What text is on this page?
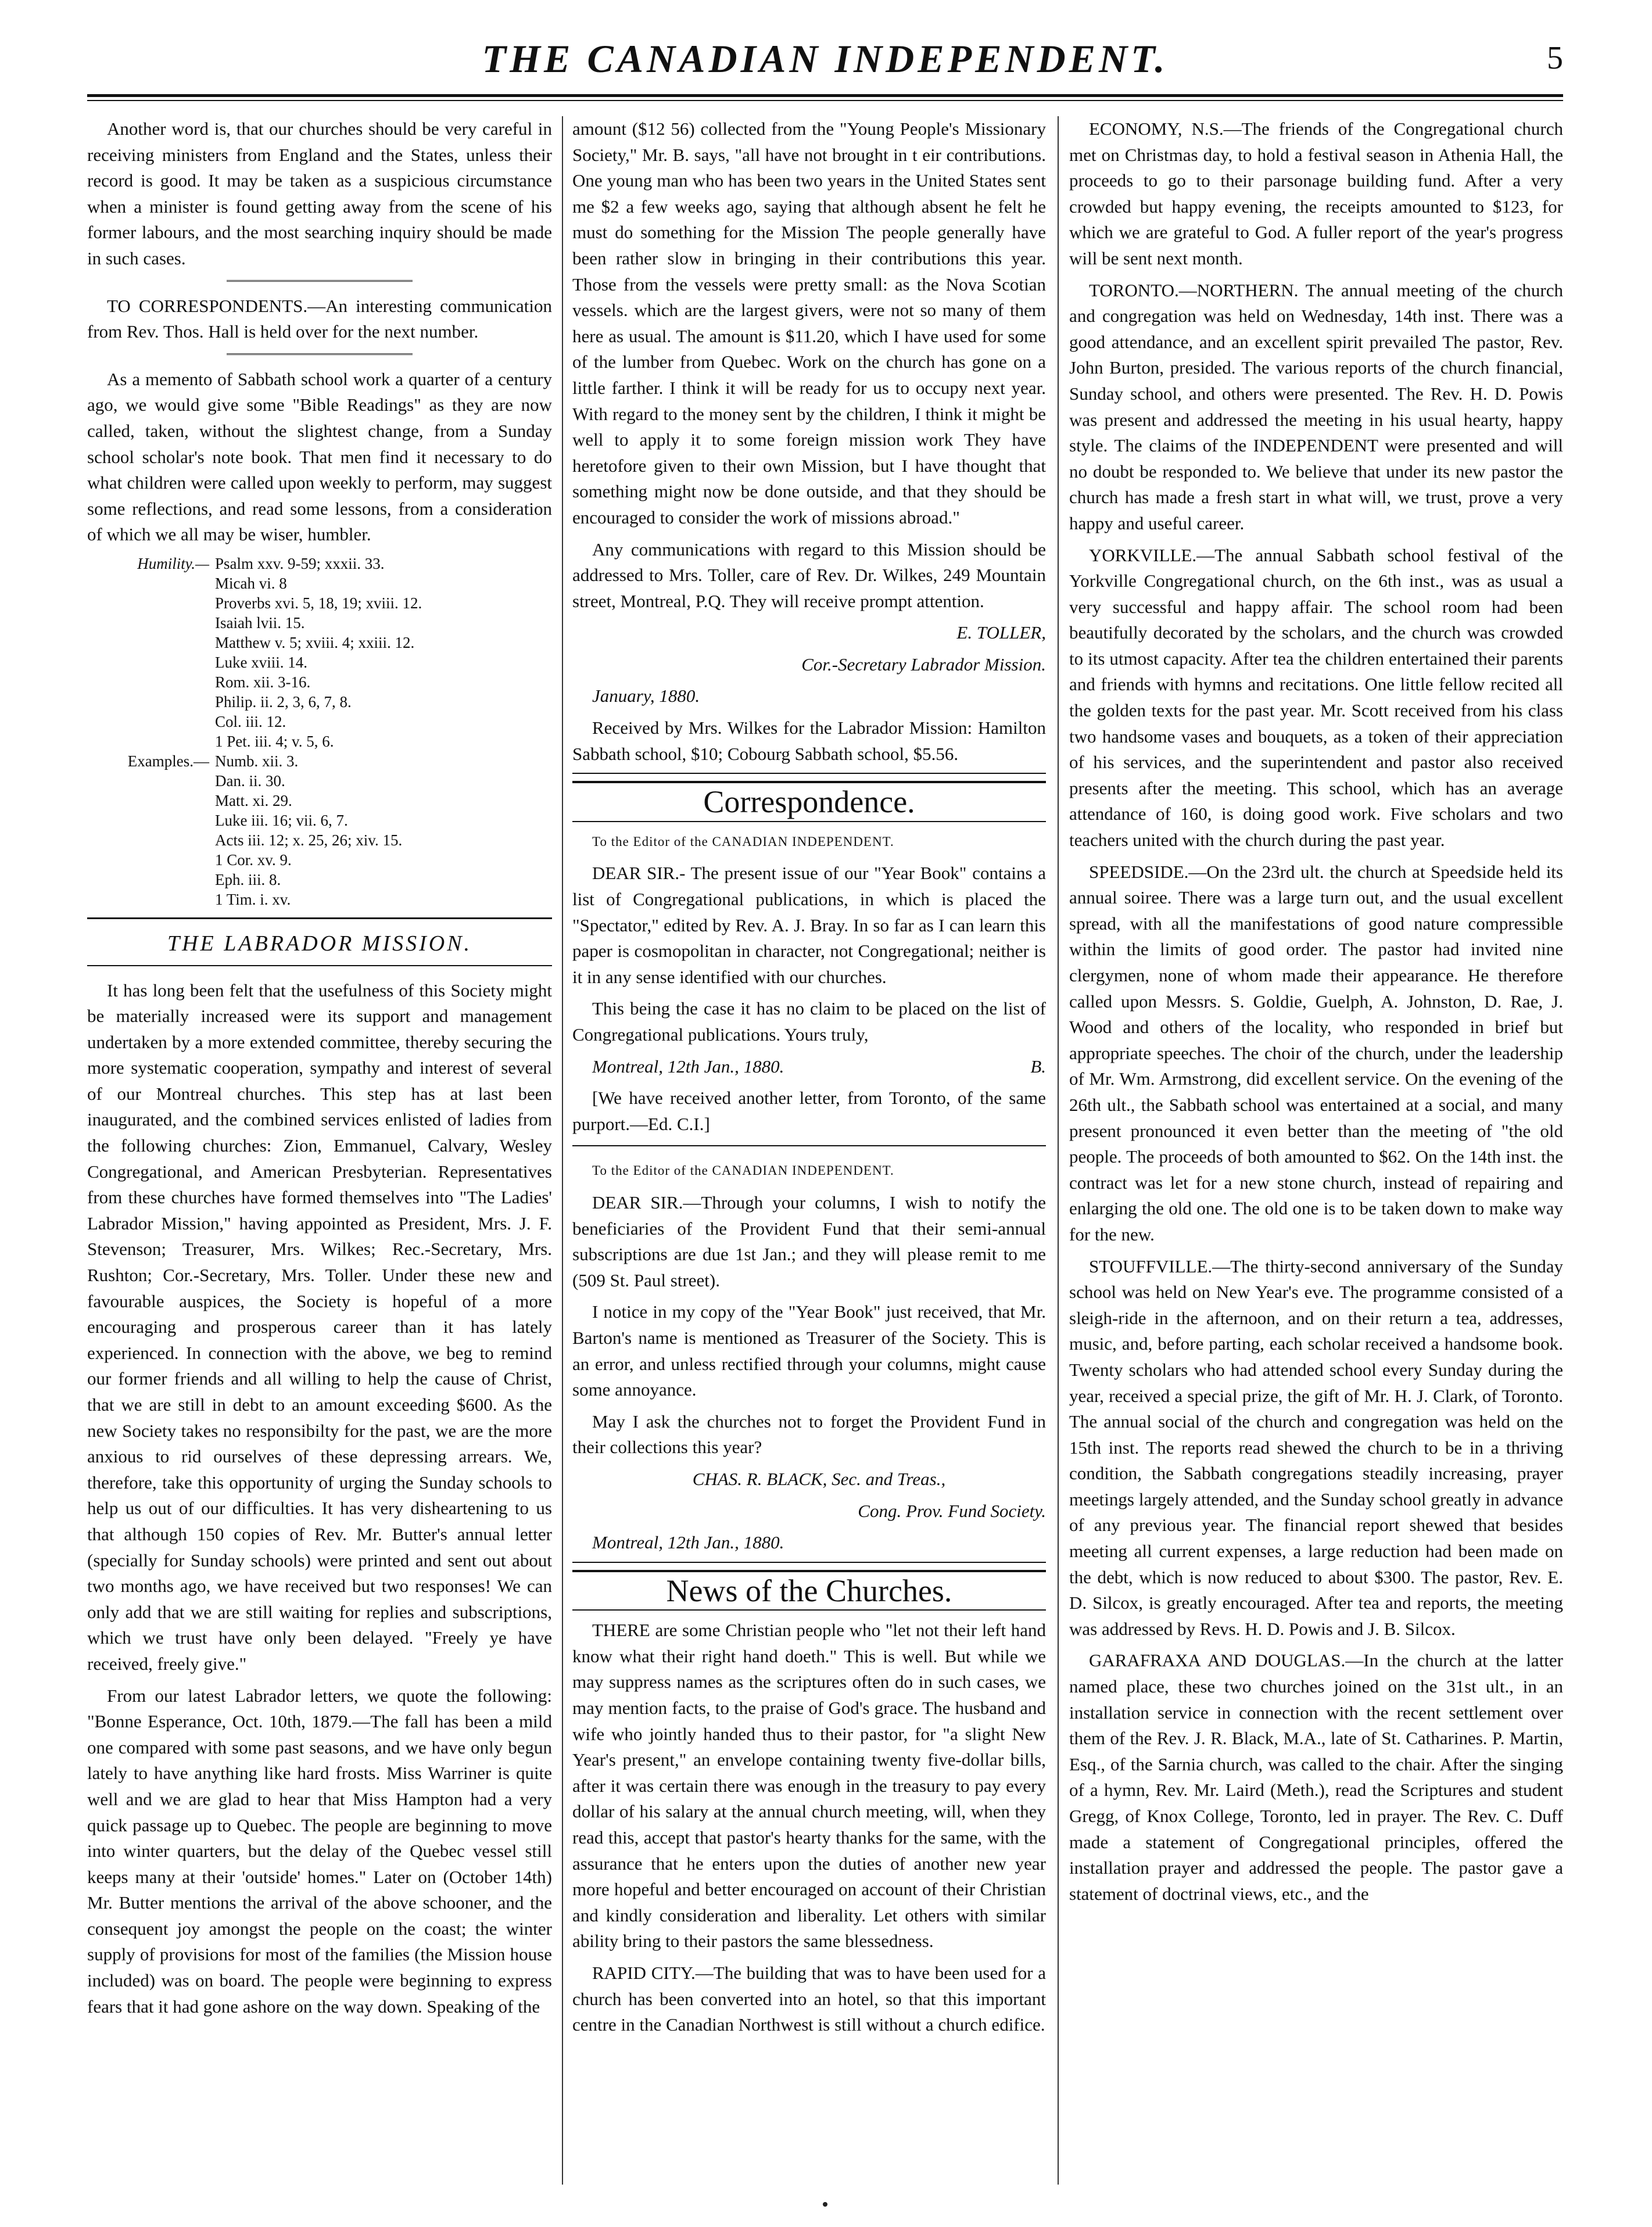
THE CANADIAN INDEPENDENT.	5

Another word is, that our churches should be very careful in receiving ministers from England and the States, unless their record is good. It may be taken as a suspicious circumstance when a minister is found getting away from the scene of his former labours, and the most searching inquiry should be made in such cases.

TO CORRESPONDENTS.—An interesting communication from Rev. Thos. Hall is held over for the next number.

As a memento of Sabbath school work a quarter of a century ago, we would give some "Bible Readings" as they are now called, taken, without the slightest change, from a Sunday school scholar's note book. That men find it necessary to do what children were called upon weekly to perform, may suggest some reflections, and read some lessons, from a consideration of which we all may be wiser, humbler.

Humility.— Psalm xxv. 9-59; xxxii. 33.
Micah vi. 8
Proverbs xvi. 5, 18, 19; xviii. 12.
Isaiah lvii. 15.
Matthew v. 5; xviii. 4; xxiii. 12.
Luke xviii. 14.
Rom. xii. 3-16.
Philip. ii. 2, 3, 6, 7, 8.
Col. iii. 12.
1 Pet. iii. 4; v. 5, 6.
Examples.— Numb. xii. 3.
Dan. ii. 30.
Matt. xi. 29.
Luke iii. 16; vii. 6, 7.
Acts iii. 12; x. 25, 26; xiv. 15.
1 Cor. xv. 9.
Eph. iii. 8.
1 Tim. i. xv.
THE LABRADOR MISSION.

It has long been felt that the usefulness of this Society might be materially increased were its support and management undertaken by a more extended committee, thereby securing the more systematic cooperation, sympathy and interest of several of our Montreal churches. This step has at last been inaugurated, and the combined services enlisted of ladies from the following churches: Zion, Emmanuel, Calvary, Wesley Congregational, and American Presbyterian. Representatives from these churches have formed themselves into "The Ladies' Labrador Mission," having appointed as President, Mrs. J. F. Stevenson; Treasurer, Mrs. Wilkes; Rec.-Secretary, Mrs. Rushton; Cor.-Secretary, Mrs. Toller. Under these new and favourable auspices, the Society is hopeful of a more encouraging and prosperous career than it has lately experienced. In connection with the above, we beg to remind our former friends and all willing to help the cause of Christ, that we are still in debt to an amount exceeding $600. As the new Society takes no responsibilty for the past, we are the more anxious to rid ourselves of these depressing arrears. We, therefore, take this opportunity of urging the Sunday schools to help us out of our difficulties. It has very disheartening to us that although 150 copies of Rev. Mr. Butter's annual letter (specially for Sunday schools) were printed and sent out about two months ago, we have received but two responses! We can only add that we are still waiting for replies and subscriptions, which we trust have only been delayed. "Freely ye have received, freely give."

From our latest Labrador letters, we quote the following: "Bonne Esperance, Oct. 10th, 1879.—The fall has been a mild one compared with some past seasons, and we have only begun lately to have anything like hard frosts. Miss Warriner is quite well and we are glad to hear that Miss Hampton had a very quick passage up to Quebec. The people are beginning to move into winter quarters, but the delay of the Quebec vessel still keeps many at their 'outside' homes." Later on (October 14th) Mr. Butter mentions the arrival of the above schooner, and the consequent joy amongst the people on the coast; the winter supply of provisions for most of the families (the Mission house included) was on board. The people were beginning to express fears that it had gone ashore on the way down. Speaking of the

amount ($12 56) collected from the "Young People's Missionary Society," Mr. B. says, "all have not brought in t eir contributions. One young man who has been two years in the United States sent me $2 a few weeks ago, saying that although absent he felt he must do something for the Mission The people generally have been rather slow in bringing in their contributions this year. Those from the vessels were pretty small: as the Nova Scotian vessels. which are the largest givers, were not so many of them here as usual. The amount is $11.20, which I have used for some of the lumber from Quebec. Work on the church has gone on a little farther. I think it will be ready for us to occupy next year. With regard to the money sent by the children, I think it might be well to apply it to some foreign mission work They have heretofore given to their own Mission, but I have thought that something might now be done outside, and that they should be encouraged to consider the work of missions abroad."

Any communications with regard to this Mission should be addressed to Mrs. Toller, care of Rev. Dr. Wilkes, 249 Mountain street, Montreal, P.Q. They will receive prompt attention.

E. TOLLER,

Cor.-Secretary Labrador Mission.

January, 1880.

Received by Mrs. Wilkes for the Labrador Mission: Hamilton Sabbath school, $10; Cobourg Sabbath school, $5.56.

Correspondence.

To the Editor of the CANADIAN INDEPENDENT.

DEAR SIR.- The present issue of our "Year Book" contains a list of Congregational publications, in which is placed the "Spectator," edited by Rev. A. J. Bray. In so far as I can learn this paper is cosmopolitan in character, not Congregational; neither is it in any sense identified with our churches.

This being the case it has no claim to be placed on the list of Congregational publications. Yours truly,

Montreal, 12th Jan., 1880.	B.

[We have received another letter, from Toronto, of the same purport.—Ed. C.I.]

To the Editor of the CANADIAN INDEPENDENT.

DEAR SIR.—Through your columns, I wish to notify the beneficiaries of the Provident Fund that their semi-annual subscriptions are due 1st Jan.; and they will please remit to me (509 St. Paul street).

I notice in my copy of the "Year Book" just received, that Mr. Barton's name is mentioned as Treasurer of the Society. This is an error, and unless rectified through your columns, might cause some annoyance.

May I ask the churches not to forget the Provident Fund in their collections this year?

CHAS. R. BLACK, Sec. and Treas.,

Cong. Prov. Fund Society.

Montreal, 12th Jan., 1880.

News of the Churches.

THERE are some Christian people who "let not their left hand know what their right hand doeth." This is well. But while we may suppress names as the scriptures often do in such cases, we may mention facts, to the praise of God's grace. The husband and wife who jointly handed thus to their pastor, for "a slight New Year's present," an envelope containing twenty five-dollar bills, after it was certain there was enough in the treasury to pay every dollar of his salary at the annual church meeting, will, when they read this, accept that pastor's hearty thanks for the same, with the assurance that he enters upon the duties of another new year more hopeful and better encouraged on account of their Christian and kindly consideration and liberality. Let others with similar ability bring to their pastors the same blessedness.

RAPID CITY.—The building that was to have been used for a church has been converted into an hotel, so that this important centre in the Canadian Northwest is still without a church edifice.

ECONOMY, N.S.—The friends of the Congregational church met on Christmas day, to hold a festival season in Athenia Hall, the proceeds to go to their parsonage building fund. After a very crowded but happy evening, the receipts amounted to $123, for which we are grateful to God. A fuller report of the year's progress will be sent next month.

TORONTO.—NORTHERN. The annual meeting of the church and congregation was held on Wednesday, 14th inst. There was a good attendance, and an excellent spirit prevailed The pastor, Rev. John Burton, presided. The various reports of the church financial, Sunday school, and others were presented. The Rev. H. D. Powis was present and addressed the meeting in his usual hearty, happy style. The claims of the INDEPENDENT were presented and will no doubt be responded to. We believe that under its new pastor the church has made a fresh start in what will, we trust, prove a very happy and useful career.

YORKVILLE.—The annual Sabbath school festival of the Yorkville Congregational church, on the 6th inst., was as usual a very successful and happy affair. The school room had been beautifully decorated by the scholars, and the church was crowded to its utmost capacity. After tea the children entertained their parents and friends with hymns and recitations. One little fellow recited all the golden texts for the past year. Mr. Scott received from his class two handsome vases and bouquets, as a token of their appreciation of his services, and the superintendent and pastor also received presents after the meeting. This school, which has an average attendance of 160, is doing good work. Five scholars and two teachers united with the church during the past year.

SPEEDSIDE.—On the 23rd ult. the church at Speedside held its annual soiree. There was a large turn out, and the usual excellent spread, with all the manifestations of good nature compressible within the limits of good order. The pastor had invited nine clergymen, none of whom made their appearance. He therefore called upon Messrs. S. Goldie, Guelph, A. Johnston, D. Rae, J. Wood and others of the locality, who responded in brief but appropriate speeches. The choir of the church, under the leadership of Mr. Wm. Armstrong, did excellent service. On the evening of the 26th ult., the Sabbath school was entertained at a social, and many present pronounced it even better than the meeting of "the old people. The proceeds of both amounted to $62. On the 14th inst. the contract was let for a new stone church, instead of repairing and enlarging the old one. The old one is to be taken down to make way for the new.

STOUFFVILLE.—The thirty-second anniversary of the Sunday school was held on New Year's eve. The programme consisted of a sleigh-ride in the afternoon, and on their return a tea, addresses, music, and, before parting, each scholar received a handsome book. Twenty scholars who had attended school every Sunday during the year, received a special prize, the gift of Mr. H. J. Clark, of Toronto. The annual social of the church and congregation was held on the 15th inst. The reports read shewed the church to be in a thriving condition, the Sabbath congregations steadily increasing, prayer meetings largely attended, and the Sunday school greatly in advance of any previous year. The financial report shewed that besides meeting all current expenses, a large reduction had been made on the debt, which is now reduced to about $300. The pastor, Rev. E. D. Silcox, is greatly encouraged. After tea and reports, the meeting was addressed by Revs. H. D. Powis and J. B. Silcox.

GARAFRAXA AND DOUGLAS.—In the church at the latter named place, these two churches joined on the 31st ult., in an installation service in connection with the recent settlement over them of the Rev. J. R. Black, M.A., late of St. Catharines. P. Martin, Esq., of the Sarnia church, was called to the chair. After the singing of a hymn, Rev. Mr. Laird (Meth.), read the Scriptures and student Gregg, of Knox College, Toronto, led in prayer. The Rev. C. Duff made a statement of Congregational principles, offered the installation prayer and addressed the people. The pastor gave a statement of doctrinal views, etc., and the
